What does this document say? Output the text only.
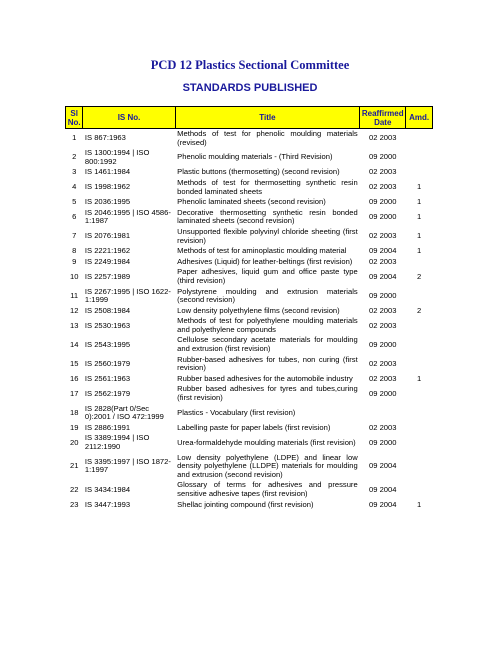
PCD 12 Plastics Sectional Committee
STANDARDS PUBLISHED
Sl No.	IS No.	Title	Reaffirmed Date	Amd.
1	IS 867:1963	Methods of test for phenolic moulding materials (revised)	02 2003	
2	IS 1300:1994 | ISO 800:1992	Phenolic moulding materials - (Third Revision)	09 2000	
3	IS 1461:1984	Plastic buttons (thermosetting) (second revision)	02 2003	
4	IS 1998:1962	Methods of test for thermosetting synthetic resin bonded laminated sheets	02 2003	1
5	IS 2036:1995	Phenolic laminated sheets (second revision)	09 2000	1
6	IS 2046:1995 | ISO 4586-1:1987	Decorative thermosetting synthetic resin bonded laminated sheets (second revision)	09 2000	1
7	IS 2076:1981	Unsupported flexible polyvinyl chloride sheeting (first revision)	02 2003	1
8	IS 2221:1962	Methods of test for aminoplastic moulding material	09 2004	1
9	IS 2249:1984	Adhesives (Liquid) for leather-beltings (first revision)	02 2003	
10	IS 2257:1989	Paper adhesives, liquid gum and office paste type (third revision)	09 2004	2
11	IS 2267:1995 | ISO 1622-1:1999	Polystyrene moulding and extrusion materials (second revision)	09 2000	
12	IS 2508:1984	Low density polyethylene films (second revision)	02 2003	2
13	IS 2530:1963	Methods of test for polyethylene moulding materials and polyethylene compounds	02 2003	
14	IS 2543:1995	Cellulose secondary acetate materials for moulding and extrusion (first revision)	09 2000	
15	IS 2560:1979	Rubber-based adhesives for tubes, non curing (first revision)	02 2003	
16	IS 2561:1963	Rubber based adhesives for the automobile industry	02 2003	1
17	IS 2562:1979	Rubber based adhesives for tyres and tubes,curing (first revision)	09 2000	
18	IS 2828(Part 0/Sec 0):2001 / ISO 472:1999	Plastics - Vocabulary (first revision)		
19	IS 2886:1991	Labelling paste for paper labels (first revision)	02 2003	
20	IS 3389:1994 | ISO 2112:1990	Urea-formaldehyde moulding materials (first revision)	09 2000	
21	IS 3395:1997 | ISO 1872-1:1997	Low density polyethylene (LDPE) and linear low density polyethylene (LLDPE) materials for moulding and extrusion (second revision)	09 2004	
22	IS 3434:1984	Glossary of terms for adhesives and pressure sensitive adhesive tapes (first revision)	09 2004	
23	IS 3447:1993	Shellac jointing compound (first revision)	09 2004	1
